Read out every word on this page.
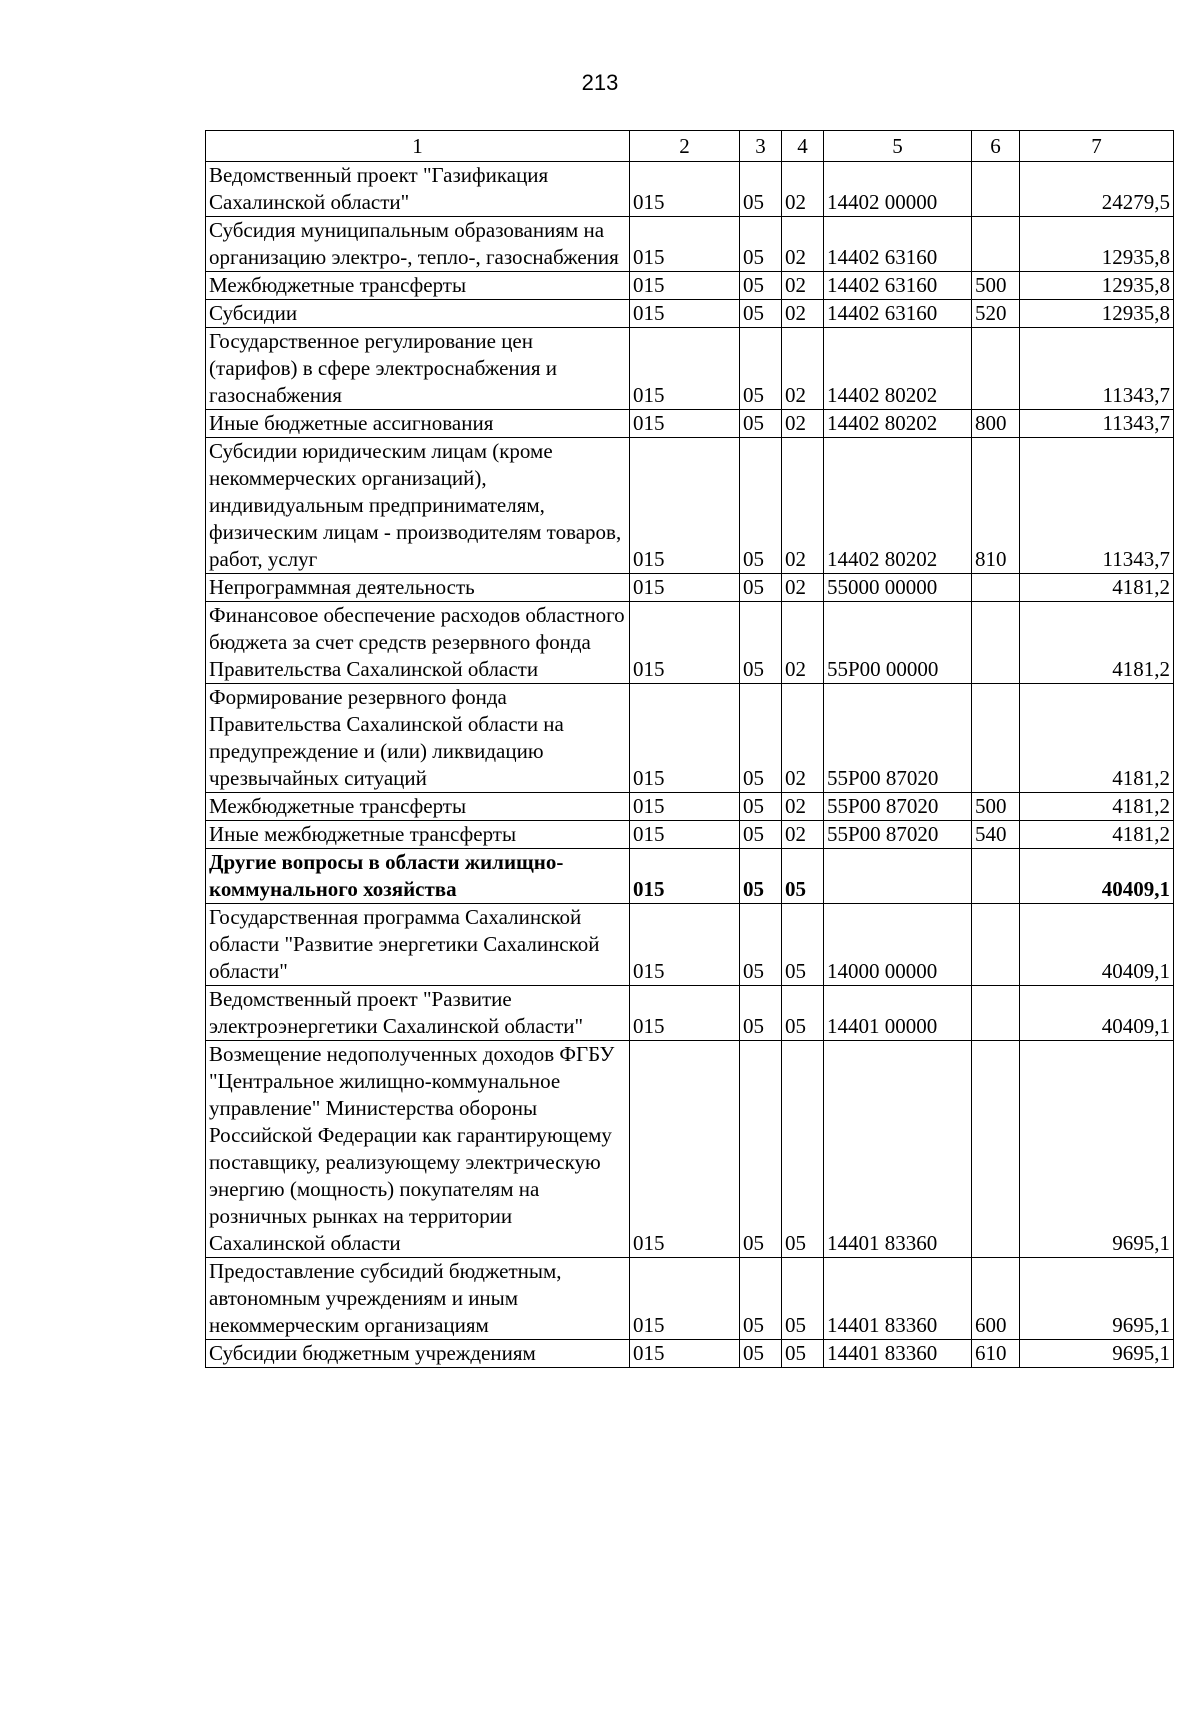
213
1	2	3	4	5	6	7
Ведомственный проект "Газификация Сахалинской области"	015	05	02	14402 00000		24279,5
Субсидия муниципальным образованиям на организацию электро-, тепло-, газоснабжения	015	05	02	14402 63160		12935,8
Межбюджетные трансферты	015	05	02	14402 63160	500	12935,8
Субсидии	015	05	02	14402 63160	520	12935,8
Государственное регулирование цен (тарифов) в сфере электроснабжения и газоснабжения	015	05	02	14402 80202		11343,7
Иные бюджетные ассигнования	015	05	02	14402 80202	800	11343,7
Субсидии юридическим лицам (кроме некоммерческих организаций), индивидуальным предпринимателям, физическим лицам - производителям товаров, работ, услуг	015	05	02	14402 80202	810	11343,7
Непрограммная деятельность	015	05	02	55000 00000		4181,2
Финансовое обеспечение расходов областного бюджета за счет средств резервного фонда Правительства Сахалинской области	015	05	02	55Р00 00000		4181,2
Формирование резервного фонда Правительства Сахалинской области на предупреждение и (или) ликвидацию чрезвычайных ситуаций	015	05	02	55Р00 87020		4181,2
Межбюджетные трансферты	015	05	02	55Р00 87020	500	4181,2
Иные межбюджетные трансферты	015	05	02	55Р00 87020	540	4181,2
Другие вопросы в области жилищно-коммунального хозяйства	015	05	05			40409,1
Государственная программа Сахалинской области "Развитие энергетики Сахалинской области"	015	05	05	14000 00000		40409,1
Ведомственный проект "Развитие электроэнергетики Сахалинской области"	015	05	05	14401 00000		40409,1
Возмещение недополученных доходов ФГБУ "Центральное жилищно-коммунальное управление" Министерства обороны Российской Федерации как гарантирующему поставщику, реализующему электрическую энергию (мощность) покупателям на розничных рынках на территории Сахалинской области	015	05	05	14401 83360		9695,1
Предоставление субсидий бюджетным, автономным учреждениям и иным некоммерческим организациям	015	05	05	14401 83360	600	9695,1
Субсидии бюджетным учреждениям	015	05	05	14401 83360	610	9695,1
